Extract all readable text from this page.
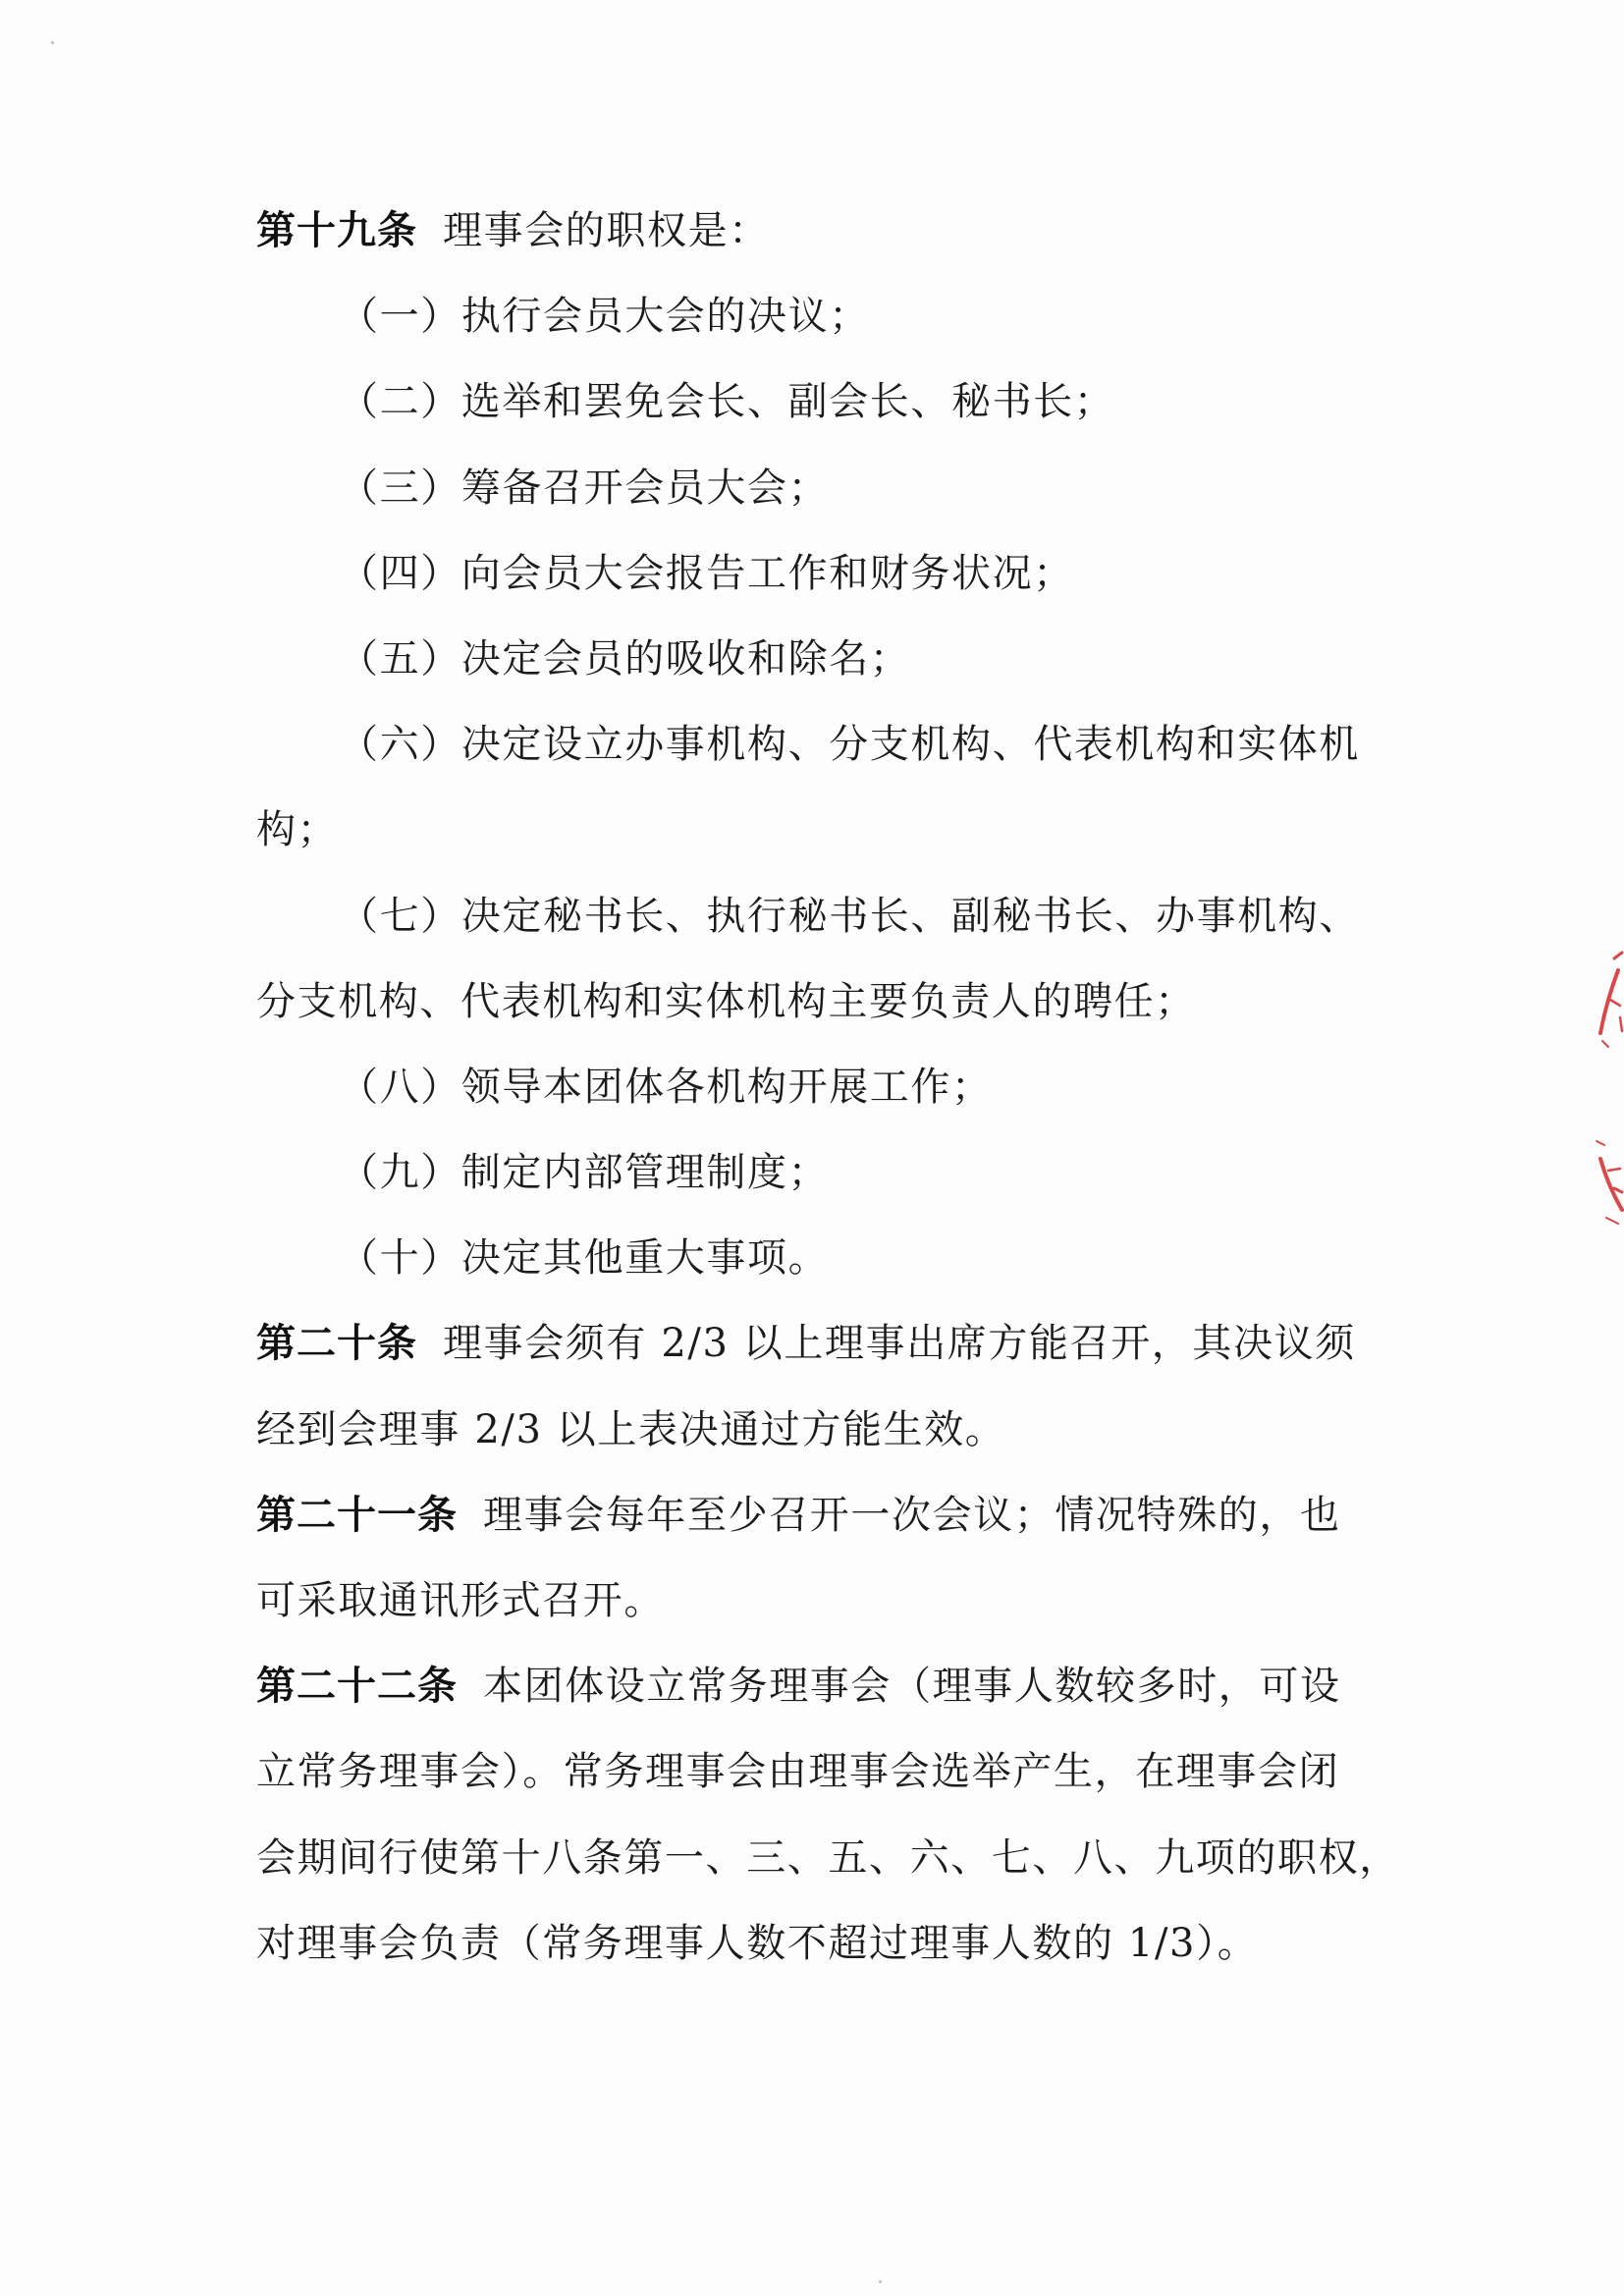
第十九条 理事会的职权是：
（一）执行会员大会的决议；
（二）选举和罢免会长、副会长、秘书长；
（三）筹备召开会员大会；
（四）向会员大会报告工作和财务状况；
（五）决定会员的吸收和除名；
（六）决定设立办事机构、分支机构、代表机构和实体机
构；
（七）决定秘书长、执行秘书长、副秘书长、办事机构、
分支机构、代表机构和实体机构主要负责人的聘任；
（八）领导本团体各机构开展工作；
（九）制定内部管理制度；
（十）决定其他重大事项。
第二十条 理事会须有 2/3 以上理事出席方能召开，其决议须
经到会理事 2/3 以上表决通过方能生效。
第二十一条 理事会每年至少召开一次会议；情况特殊的，也
可采取通讯形式召开。
第二十二条 本团体设立常务理事会（理事人数较多时，可设
立常务理事会）。常务理事会由理事会选举产生，在理事会闭
会期间行使第十八条第一、三、五、六、七、八、九项的职权，
对理事会负责（常务理事人数不超过理事人数的 1/3）。
